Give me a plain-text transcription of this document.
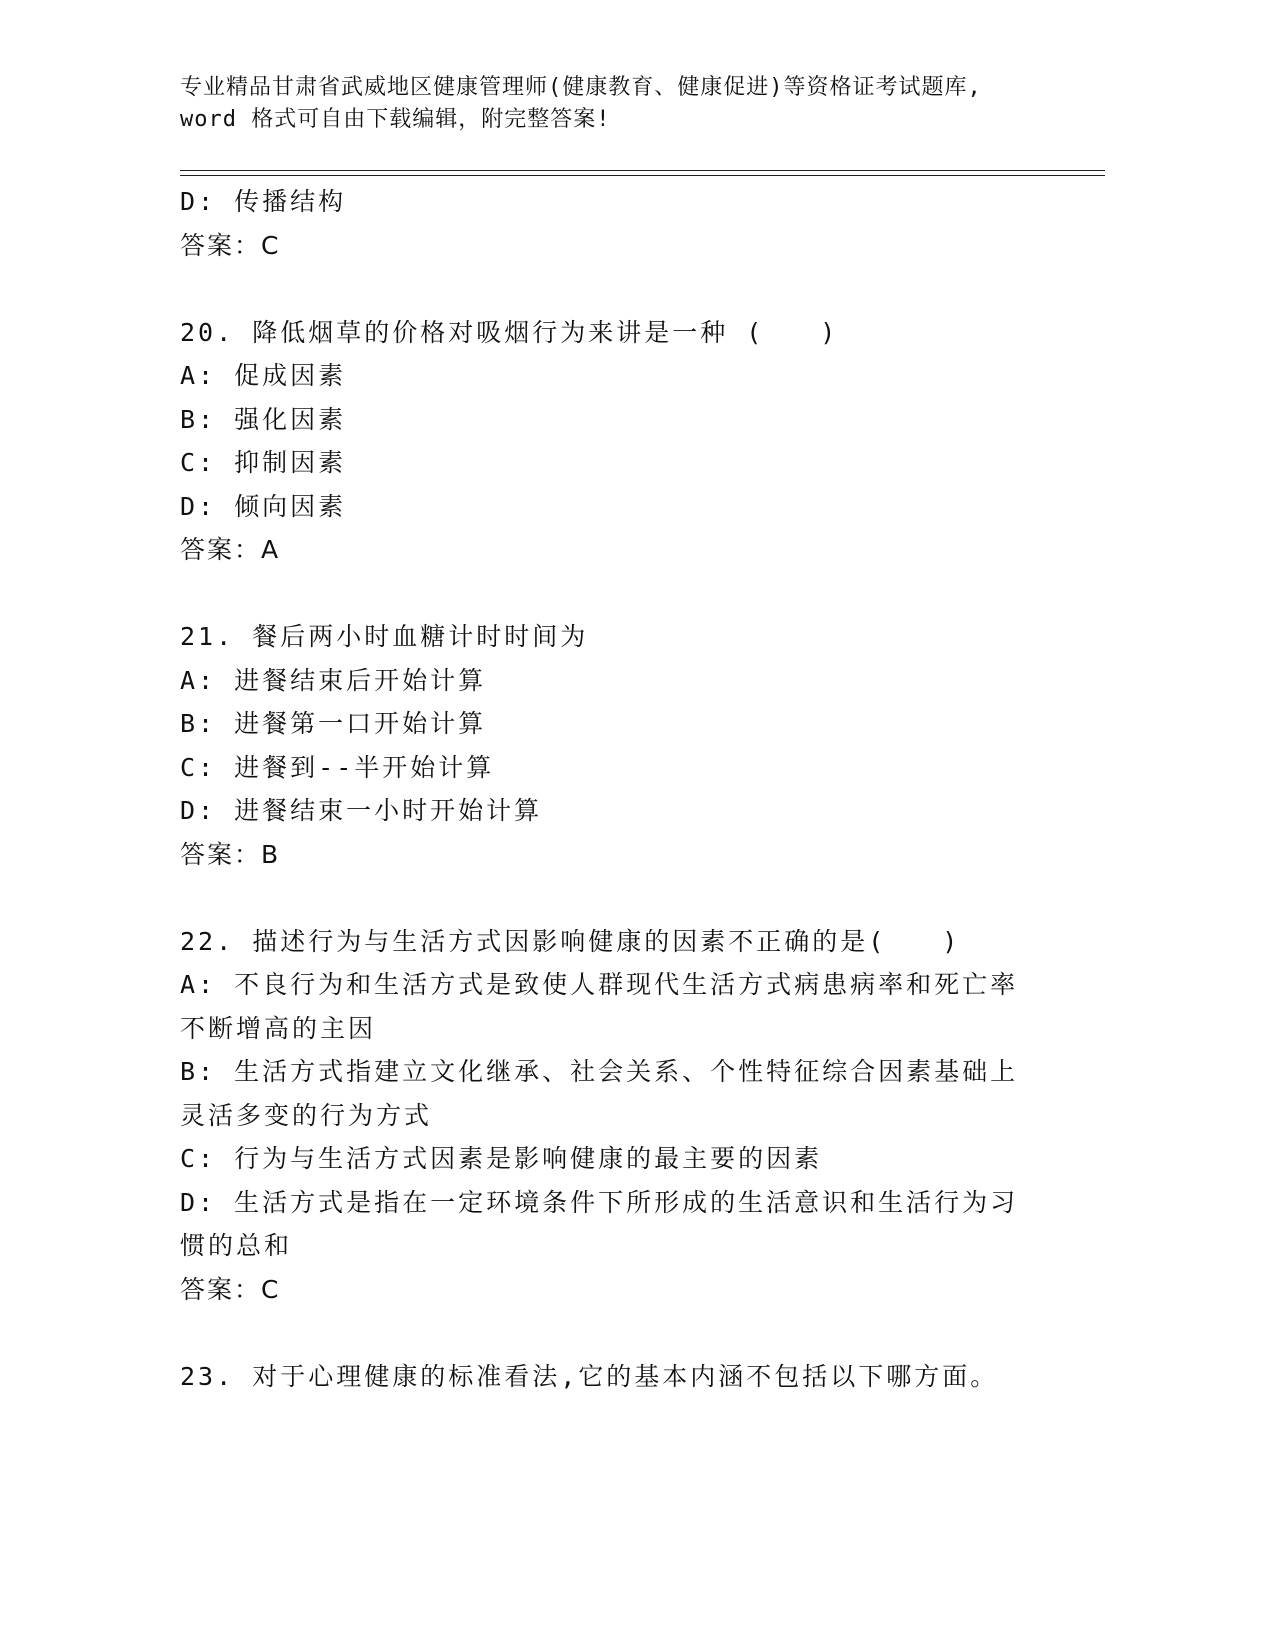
专业精品甘肃省武威地区健康管理师(健康教育、健康促进)等资格证考试题库,
word 格式可自由下载编辑，附完整答案!
D: 传播结构
答案：C
20. 降低烟草的价格对吸烟行为来讲是一种 (　　)
A: 促成因素
B: 强化因素
C: 抑制因素
D: 倾向因素
答案：A
21. 餐后两小时血糖计时时间为
A: 进餐结束后开始计算
B: 进餐第一口开始计算
C: 进餐到--半开始计算
D: 进餐结束一小时开始计算
答案：B
22. 描述行为与生活方式因影响健康的因素不正确的是(　　)
A: 不良行为和生活方式是致使人群现代生活方式病患病率和死亡率不断增高的主因
B: 生活方式指建立文化继承、社会关系、个性特征综合因素基础上灵活多变的行为方式
C: 行为与生活方式因素是影响健康的最主要的因素
D: 生活方式是指在一定环境条件下所形成的生活意识和生活行为习惯的总和
答案：C
23. 对于心理健康的标准看法,它的基本内涵不包括以下哪方面。
